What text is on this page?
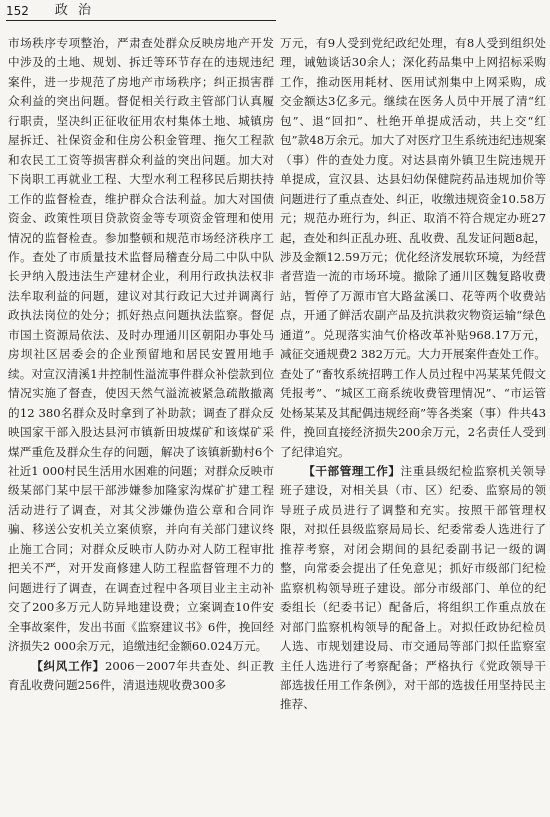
152 政 治

市场秩序专项整治，严肃查处群众反映房地产开发中涉及的土地、规划、拆迁等环节存在的违规违纪案件，进一步规范了房地产市场秩序；纠正损害群众利益的突出问题。督促相关行政主管部门认真履行职责，坚决纠正征收征用农村集体土地、城镇房屋拆迁、社保资金和住房公积金管理、拖欠工程款和农民工工资等损害群众利益的突出问题。加大对下岗职工再就业工程、大型水利工程移民后期扶持工作的监督检查，维护群众合法利益。加大对国债资金、政策性项目贷款资金等专项资金管理和使用情况的监督检查。参加整顿和规范市场经济秩序工作。查处了市质量技术监督局稽查分局二中队中队长尹纳入殷违法生产建材企业，利用行政执法权非法牟取利益的问题，建议对其行政记大过并调离行政执法岗位的处分；抓好热点问题执法监察。督促市国土资源局依法、及时办理通川区朝阳办事处马房坝社区居委会的企业预留地和居民安置用地手续。对宣汉清溪1井控制性溢流事件群众补偿款到位情况实施了督查，使因天然气溢流被紧急疏散撤离的12 380名群众及时拿到了补助款；调查了群众反映国家干部入股达县河市镇新田坡煤矿和该煤矿采煤严重危及群众生存的问题，解决了该镇新勤村6个社近1 000村民生活用水困难的问题；对群众反映市级某部门某中层干部涉嫌参加隆家沟煤矿扩建工程活动进行了调查，对其父涉嫌伪造公章和合同诈骗、移送公安机关立案侦察，并向有关部门建议终止施工合同；对群众反映市人防办对人防工程审批把关不严，对开发商修建人防工程监督管理不力的问题进行了调查，在调查过程中各项目业主主动补交了200多万元人防异地建设费；立案调查10件安全事故案件，发出书面《监察建议书》6件，挽回经济损失2 000余万元，追缴违纪金额60.024万元。

【纠风工作】2006－2007年共查处、纠正教育乱收费问题256件，清退违规收费300多

万元，有9人受到党纪政纪处理，有8人受到组织处理，诫勉谈话30余人；深化药品集中上网招标采购工作，推动医用耗材、医用试剂集中上网采购，成交金额达3亿多元。继续在医务人员中开展了清“红包”、退“回扣”、杜绝开单提成活动，共上交“红包”款48万余元。加大了对医疗卫生系统违纪违规案（事）件的查处力度。对达县南外镇卫生院违规开单提成，宣汉县、达县妇幼保健院药品违规加价等问题进行了重点查处、纠正，收缴违规资金10.58万元；规范办班行为，纠正、取消不符合规定办班27起，查处和纠正乱办班、乱收费、乱发证问题8起，涉及金额12.59万元；优化经济发展软环境，为经营者营造一流的市场环境。撤除了通川区魏复路收费站，暂停了万源市官大路盆溪口、花等两个收费站点，开通了鲜活农副产品及抗洪救灾物资运输“绿色通道”。兑现落实油气价格改革补贴968.17万元，减征交通规费2 382万元。大力开展案件查处工作。查处了“畜牧系统招聘工作人员过程中冯某某凭假文凭报考”、“城区工商系统收费管理情况”、“市运管处杨某某及其配偶违规经商”等各类案（事）件共43件，挽回直接经济损失200余万元，2名责任人受到了纪律追究。

【干部管理工作】注重县级纪检监察机关领导班子建设，对相关县（市、区）纪委、监察局的领导班子成员进行了调整和充实。按照干部管理权限，对拟任县级监察局局长、纪委常委人选进行了推荐考察，对闭会期间的县纪委副书记一级的调整，向常委会提出了任免意见；抓好市级部门纪检监察机构领导班子建设。部分市级部门、单位的纪委组长（纪委书记）配备后，将组织工作重点放在对部门监察机构领导的配备上。对拟任政协纪检员人选、市规划建设局、市交通局等部门拟任监察室主任人选进行了考察配备；严格执行《党政领导干部选拔任用工作条例》，对干部的选拔任用坚持民主推荐、
